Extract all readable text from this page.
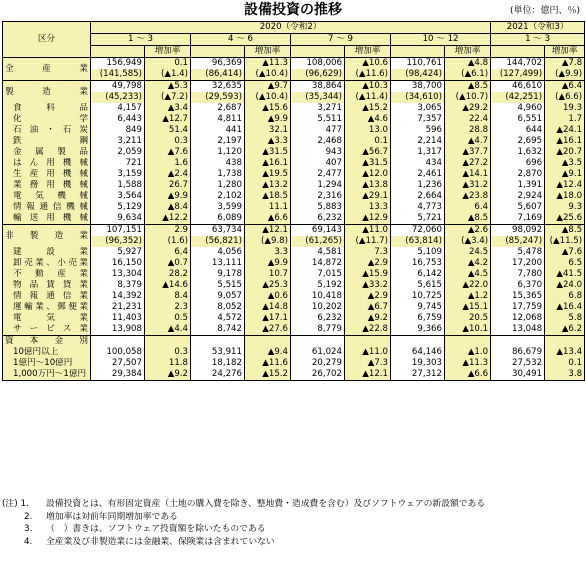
設備投資の推移	(単位：億円、％)
区分	2020（令和2）								2021（令和3）	
	1 ～ 3		4 ～ 6		7 ～ 9		10 ～ 12		1 ～ 3	
		増加率		増加率		増加率		増加率		増加率
全　　産　　業	156,949	0.1	96,369	▲11.3	108,006	▲10.6	110,761	▲4.8	144,702	▲7.8
	(141,585)	(▲1.4)	(86,414)	(▲10.4)	(96,629)	(▲11.6)	(98,424)	(▲6.1)	(127,499)	(▲9.9)
製　　造　　業	49,798	▲5.3	32,635	▲9.7	38,864	▲10.3	38,700	▲8.5	46,610	▲6.4
	(45,233)	(▲7.2)	(29,593)	(▲10.4)	(35,344)	(▲11.4)	(34,610)	(▲10.7)	(42,251)	(▲6.6)
食　料　品	4,157	▲3.4	2,687	▲15.6	3,271	▲15.2	3,065	▲29.2	4,960	19.3
化　　　学	6,443	▲12.7	4,811	▲9.9	5,511	▲4.6	7,357	22.4	6,551	1.7
石油・石炭	849	51.4	441	32.1	477	13.0	596	28.8	644	▲24.1
鉄　　　鋼	3,211	0.3	2,197	▲3.3	2,468	0.1	2,214	▲4.7	2,695	▲16.1
金属製品	2,059	▲7.6	1,120	▲31.5	943	▲56.7	1,317	▲37.7	1,632	▲20.7
はん用機械	721	1.6	438	▲16.1	407	▲31.5	434	▲27.2	696	▲3.5
生産用機械	3,159	▲2.4	1,738	▲19.5	2,477	▲12.0	2,461	▲14.1	2,870	▲9.1
業務用機械	1,588	26.7	1,280	▲13.2	1,294	▲13.8	1,236	▲31.2	1,391	▲12.4
電気機械	3,564	▲9.9	2,102	▲18.5	2,316	▲29.1	2,664	▲23.8	2,924	▲18.0
情報通信機械	5,129	▲8.4	3,599	11.1	5,883	13.3	4,773	6.4	5,607	9.3
輸送用機械	9,634	▲12.2	6,089	▲6.6	6,232	▲12.9	5,721	▲8.5	7,169	▲25.6
非　製　造　業	107,151	2.9	63,734	▲12.1	69,143	▲11.0	72,060	▲2.6	98,092	▲8.5
	(96,352)	(1.6)	(56,821)	(▲9.8)	(61,265)	(▲11.7)	(63,814)	(▲3.4)	(85,247)	(▲11.5)
建　設　業	5,927	6.4	4,056	3.3	4,581	7.3	5,109	24.5	5,478	▲7.6
卸売業、小売業	16,150	▲0.7	13,111	▲9.9	14,872	▲2.9	16,753	▲4.2	17,200	6.5
不　動　産　業	13,304	28.2	9,178	10.7	7,015	▲15.9	6,142	▲4.5	7,780	▲41.5
物品賃貸業	8,379	▲14.6	5,515	▲25.3	5,192	▲33.2	5,615	▲22.0	6,370	▲24.0
情報通信業	14,392	8.4	9,057	▲0.6	10,418	▲2.9	10,725	▲1.2	15,365	6.8
運輸業、郵便業	21,231	2.3	8,052	▲14.8	10,202	▲6.7	9,745	▲15.1	17,759	▲16.4
電　気　業	11,403	0.5	4,572	▲17.1	6,232	▲9.2	6,759	20.5	12,068	5.8
サービス業	13,908	▲4.4	8,742	▲27.6	8,779	▲22.8	9,366	▲10.1	13,048	▲6.2
資　本　金　別										
10億円以上	100,058	0.3	53,911	▲9.4	61,024	▲11.0	64,146	▲1.0	86,679	▲13.4
1億円～10億円	27,507	11.8	18,182	▲11.6	20,279	▲7.3	19,303	▲11.3	27,532	0.1
1,000万円～1億円	29,384	▲9.2	24,276	▲15.2	26,702	▲12.1	27,312	▲6.6	30,491	3.8
(注) 1.	設備投資とは、有形固定資産（土地の購入費を除き、整地費・造成費を含む）及びソフトウェアの新設額である
2.	増加率は対前年同期増加率である
3.	（　）書きは、ソフトウェア投資額を除いたものである
4.	全産業及び非製造業には金融業、保険業は含まれていない
